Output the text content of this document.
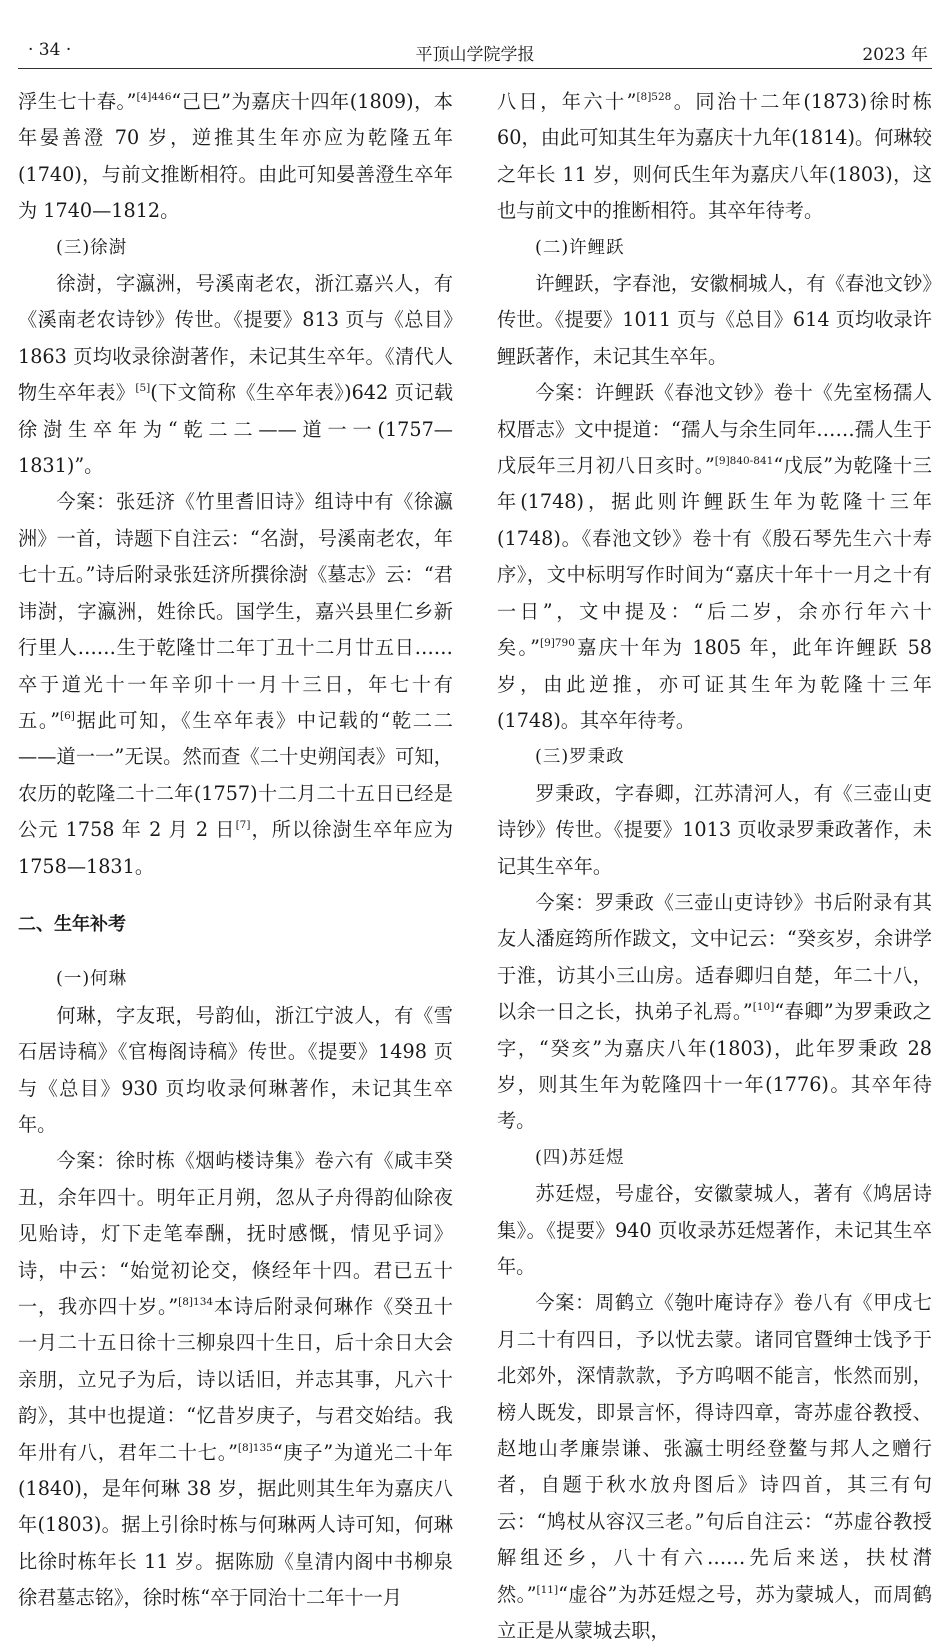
· 34 ·	平顶山学院学报	2023 年

浮生七十春。”$^{[4]446}$“己巳”为嘉庆十四年(1809)，本年晏善澄 70 岁，逆推其生年亦应为乾隆五年(1740)，与前文推断相符。由此可知晏善澄生卒年为 1740—1812。

(三)徐澍

徐澍，字瀛洲，号溪南老农，浙江嘉兴人，有《溪南老农诗钞》传世。《提要》813 页与《总目》1863 页均收录徐澍著作，未记其生卒年。《清代人物生卒年表》[5](下文简称《生卒年表》)642 页记载徐澍生卒年为“乾二二——道一一(1757—1831)”。

今案：张廷济《竹里耆旧诗》组诗中有《徐瀛洲》一首，诗题下自注云：“名澍，号溪南老农，年七十五。”诗后附录张廷济所撰徐澍《墓志》云：“君讳澍，字瀛洲，姓徐氏。国学生，嘉兴县里仁乡新行里人……生于乾隆廿二年丁丑十二月廿五日……卒于道光十一年辛卯十一月十三日，年七十有五。”[6]据此可知，《生卒年表》中记载的“乾二二——道一一”无误。然而查《二十史朔闰表》可知，农历的乾隆二十二年(1757)十二月二十五日已经是公元 1758 年 2 月 2 日[7]，所以徐澍生卒年应为 1758—1831。

二、生年补考
(一)何琳

何琳，字友珉，号韵仙，浙江宁波人，有《雪石居诗稿》《官梅阁诗稿》传世。《提要》1498 页与《总目》930 页均收录何琳著作，未记其生卒年。

今案：徐时栋《烟屿楼诗集》卷六有《咸丰癸丑，余年四十。明年正月朔，忽从子舟得韵仙除夜见贻诗，灯下走笔奉酬，抚时感慨，情见乎词》诗，中云：“始觉初论交，倏经年十四。君已五十一，我亦四十岁。”$^{[8]134}$本诗后附录何琳作《癸丑十一月二十五日徐十三柳泉四十生日，后十余日大会亲朋，立兄子为后，诗以话旧，并志其事，凡六十韵》，其中也提道：“忆昔岁庚子，与君交始结。我年卅有八，君年二十七。”$^{[8]135}$“庚子”为道光二十年(1840)，是年何琳 38 岁，据此则其生年为嘉庆八年(1803)。据上引徐时栋与何琳两人诗可知，何琳比徐时栋年长 11 岁。据陈励《皇清内阁中书柳泉徐君墓志铭》，徐时栋“卒于同治十二年十一月

八日，年六十”$^{[8]528}$。同治十二年(1873)徐时栋 60，由此可知其生年为嘉庆十九年(1814)。何琳较之年长 11 岁，则何氏生年为嘉庆八年(1803)，这也与前文中的推断相符。其卒年待考。

(二)许鲤跃

许鲤跃，字春池，安徽桐城人，有《春池文钞》传世。《提要》1011 页与《总目》614 页均收录许鲤跃著作，未记其生卒年。

今案：许鲤跃《春池文钞》卷十《先室杨孺人权厝志》文中提道：“孺人与余生同年……孺人生于戊辰年三月初八日亥时。”$^{[9]840-841}$“戊辰”为乾隆十三年(1748)，据此则许鲤跃生年为乾隆十三年(1748)。《春池文钞》卷十有《殷石琴先生六十寿序》，文中标明写作时间为“嘉庆十年十一月之十有一日”，文中提及：“后二岁，余亦行年六十矣。”$^{[9]790}$嘉庆十年为 1805 年，此年许鲤跃 58 岁，由此逆推，亦可证其生年为乾隆十三年(1748)。其卒年待考。

(三)罗秉政

罗秉政，字春卿，江苏清河人，有《三壶山吏诗钞》传世。《提要》1013 页收录罗秉政著作，未记其生卒年。

今案：罗秉政《三壶山吏诗钞》书后附录有其友人潘庭筠所作跋文，文中记云：“癸亥岁，余讲学于淮，访其小三山房。适春卿归自楚，年二十八，以余一日之长，执弟子礼焉。”[10]“春卿”为罗秉政之字，“癸亥”为嘉庆八年(1803)，此年罗秉政 28 岁，则其生年为乾隆四十一年(1776)。其卒年待考。

(四)苏廷煜

苏廷煜，号虚谷，安徽蒙城人，著有《鸠居诗集》。《提要》940 页收录苏廷煜著作，未记其生卒年。

今案：周鹤立《匏叶庵诗存》卷八有《甲戌七月二十有四日，予以忧去蒙。诸同官暨绅士饯予于北郊外，深情款款，予方呜咽不能言，怅然而别，榜人既发，即景言怀，得诗四章，寄苏虚谷教授、赵地山孝廉崇谦、张瀛士明经登鳌与邦人之赠行者，自题于秋水放舟图后》诗四首，其三有句云：“鸠杖从容汉三老。”句后自注云：“苏虚谷教授解组还乡，八十有六……先后来送，扶杖潸然。”[11]“虚谷”为苏廷煜之号，苏为蒙城人，而周鹤立正是从蒙城去职，
